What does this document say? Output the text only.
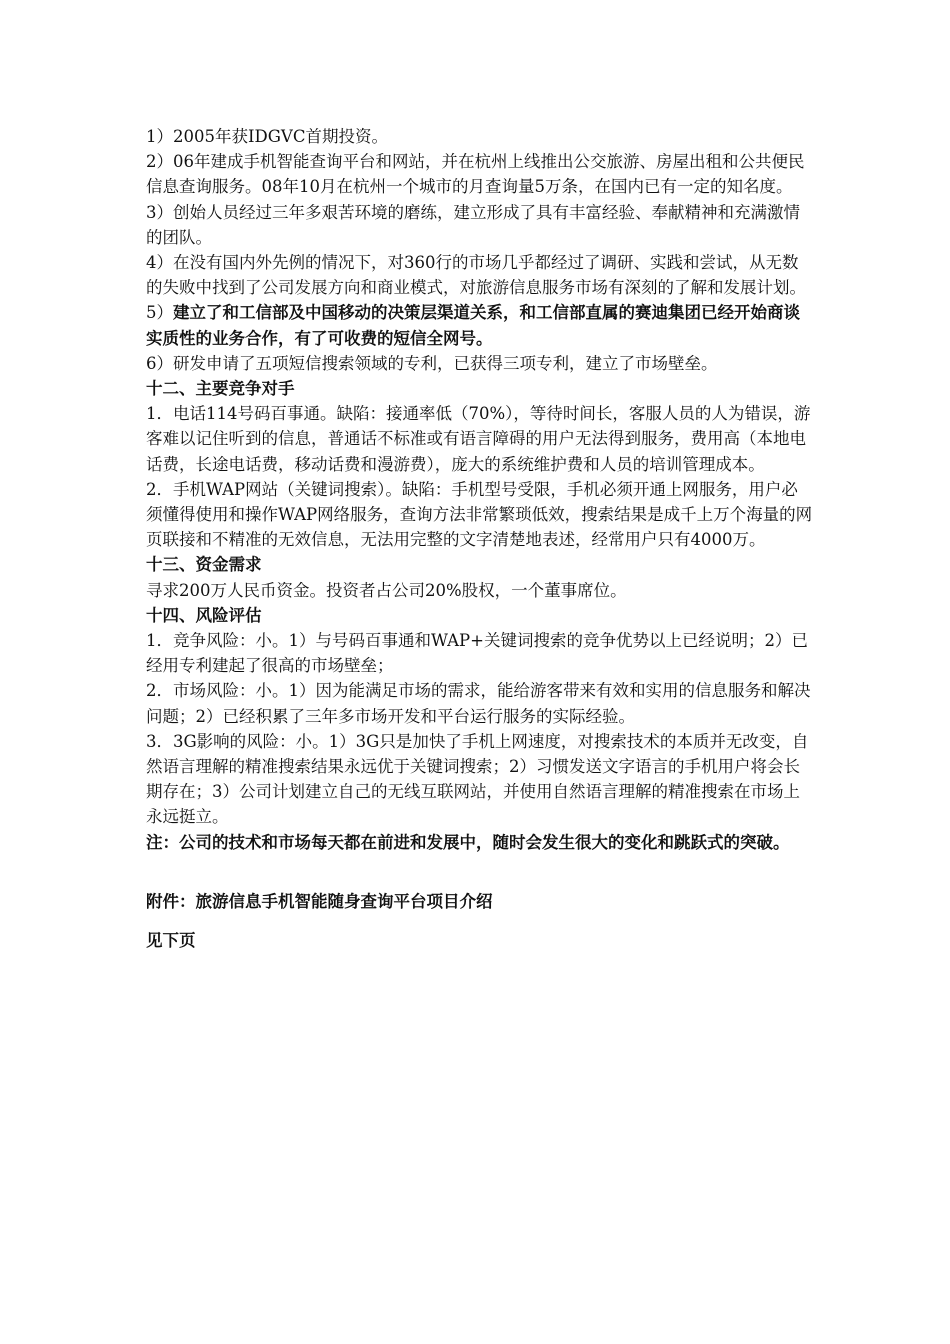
1）2005年获IDGVC首期投资。

2）06年建成手机智能查询平台和网站，并在杭州上线推出公交旅游、房屋出租和公共便民信息查询服务。08年10月在杭州一个城市的月查询量5万条，在国内已有一定的知名度。

3）创始人员经过三年多艰苦环境的磨练，建立形成了具有丰富经验、奉献精神和充满激情的团队。

4）在没有国内外先例的情况下，对360行的市场几乎都经过了调研、实践和尝试，从无数的失败中找到了公司发展方向和商业模式，对旅游信息服务市场有深刻的了解和发展计划。

5）建立了和工信部及中国移动的决策层渠道关系，和工信部直属的赛迪集团已经开始商谈实质性的业务合作，有了可收费的短信全网号。

6）研发申请了五项短信搜索领域的专利，已获得三项专利，建立了市场壁垒。

十二、主要竞争对手

1．电话114号码百事通。缺陷：接通率低（70%），等待时间长，客服人员的人为错误，游客难以记住听到的信息，普通话不标准或有语言障碍的用户无法得到服务，费用高（本地电话费，长途电话费，移动话费和漫游费），庞大的系统维护费和人员的培训管理成本。

2．手机WAP网站（关键词搜索）。缺陷：手机型号受限，手机必须开通上网服务，用户必须懂得使用和操作WAP网络服务，查询方法非常繁琐低效，搜索结果是成千上万个海量的网页联接和不精准的无效信息，无法用完整的文字清楚地表述，经常用户只有4000万。

十三、资金需求

寻求200万人民币资金。投资者占公司20%股权，一个董事席位。

十四、风险评估

1．竞争风险：小。1）与号码百事通和WAP+关键词搜索的竞争优势以上已经说明；2）已经用专利建起了很高的市场壁垒；

2．市场风险：小。1）因为能满足市场的需求，能给游客带来有效和实用的信息服务和解决问题；2）已经积累了三年多市场开发和平台运行服务的实际经验。

3．3G影响的风险：小。1）3G只是加快了手机上网速度，对搜索技术的本质并无改变，自然语言理解的精准搜索结果永远优于关键词搜索；2）习惯发送文字语言的手机用户将会长期存在；3）公司计划建立自己的无线互联网站，并使用自然语言理解的精准搜索在市场上永远挺立。

注：公司的技术和市场每天都在前进和发展中，随时会发生很大的变化和跳跃式的突破。

附件：旅游信息手机智能随身查询平台项目介绍

见下页
